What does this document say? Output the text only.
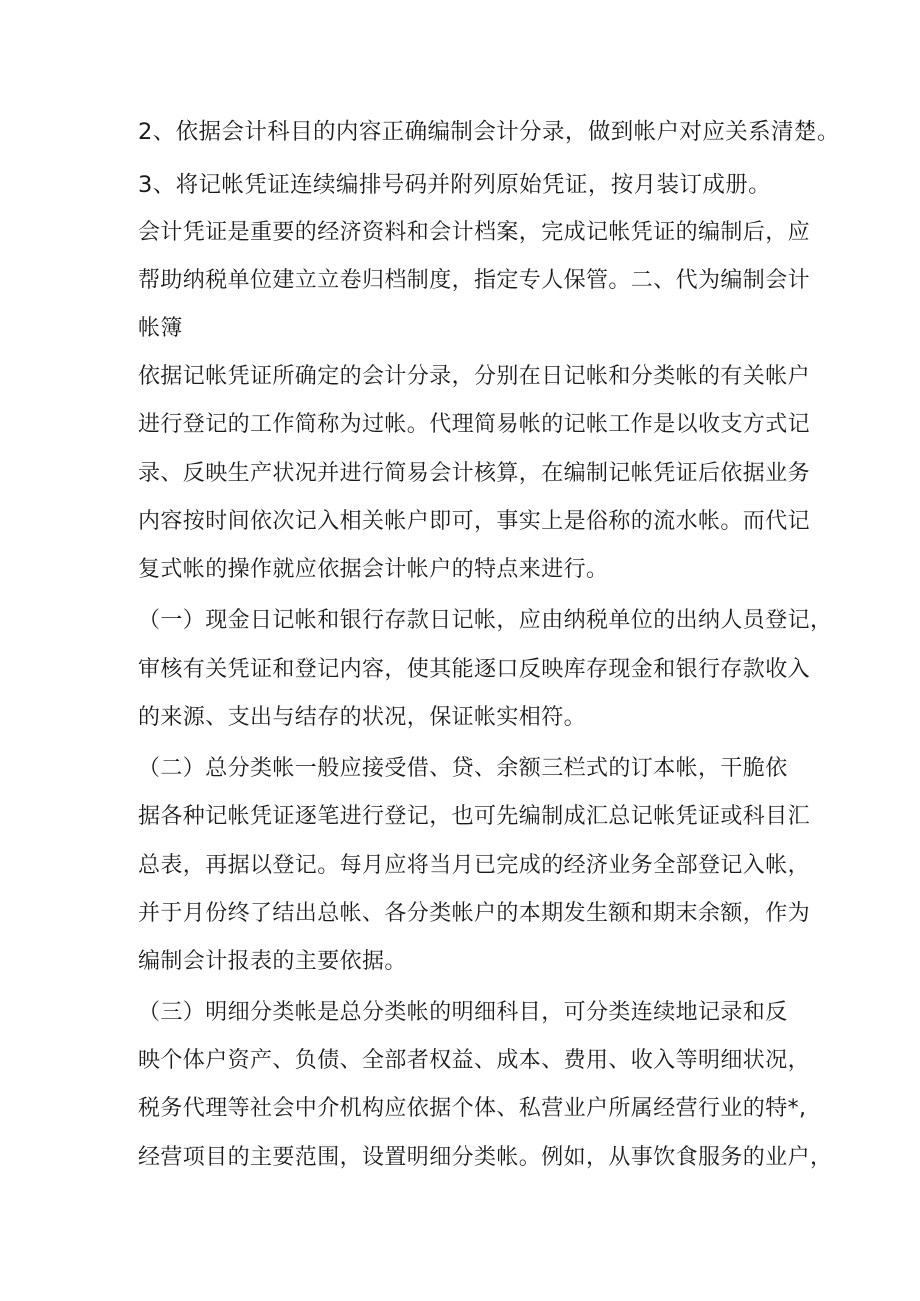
2、依据会计科目的内容正确编制会计分录，做到帐户对应关系清楚。
3、将记帐凭证连续编排号码并附列原始凭证，按月装订成册。
会计凭证是重要的经济资料和会计档案，完成记帐凭证的编制后，应
帮助纳税单位建立立卷归档制度，指定专人保管。二、代为编制会计
帐簿
依据记帐凭证所确定的会计分录，分别在日记帐和分类帐的有关帐户
进行登记的工作简称为过帐。代理简易帐的记帐工作是以收支方式记
录、反映生产状况并进行简易会计核算，在编制记帐凭证后依据业务
内容按时间依次记入相关帐户即可，事实上是俗称的流水帐。而代记
复式帐的操作就应依据会计帐户的特点来进行。
（一）现金日记帐和银行存款日记帐，应由纳税单位的出纳人员登记，
审核有关凭证和登记内容，使其能逐口反映库存现金和银行存款收入
的来源、支出与结存的状况，保证帐实相符。
（二）总分类帐一般应接受借、贷、余额三栏式的订本帐，干脆依
据各种记帐凭证逐笔进行登记，也可先编制成汇总记帐凭证或科目汇
总表，再据以登记。每月应将当月已完成的经济业务全部登记入帐，
并于月份终了结出总帐、各分类帐户的本期发生额和期末余额，作为
编制会计报表的主要依据。
（三）明细分类帐是总分类帐的明细科目，可分类连续地记录和反
映个体户资产、负债、全部者权益、成本、费用、收入等明细状况，
税务代理等社会中介机构应依据个体、私营业户所属经营行业的特*,
经营项目的主要范围，设置明细分类帐。例如，从事饮食服务的业户，
